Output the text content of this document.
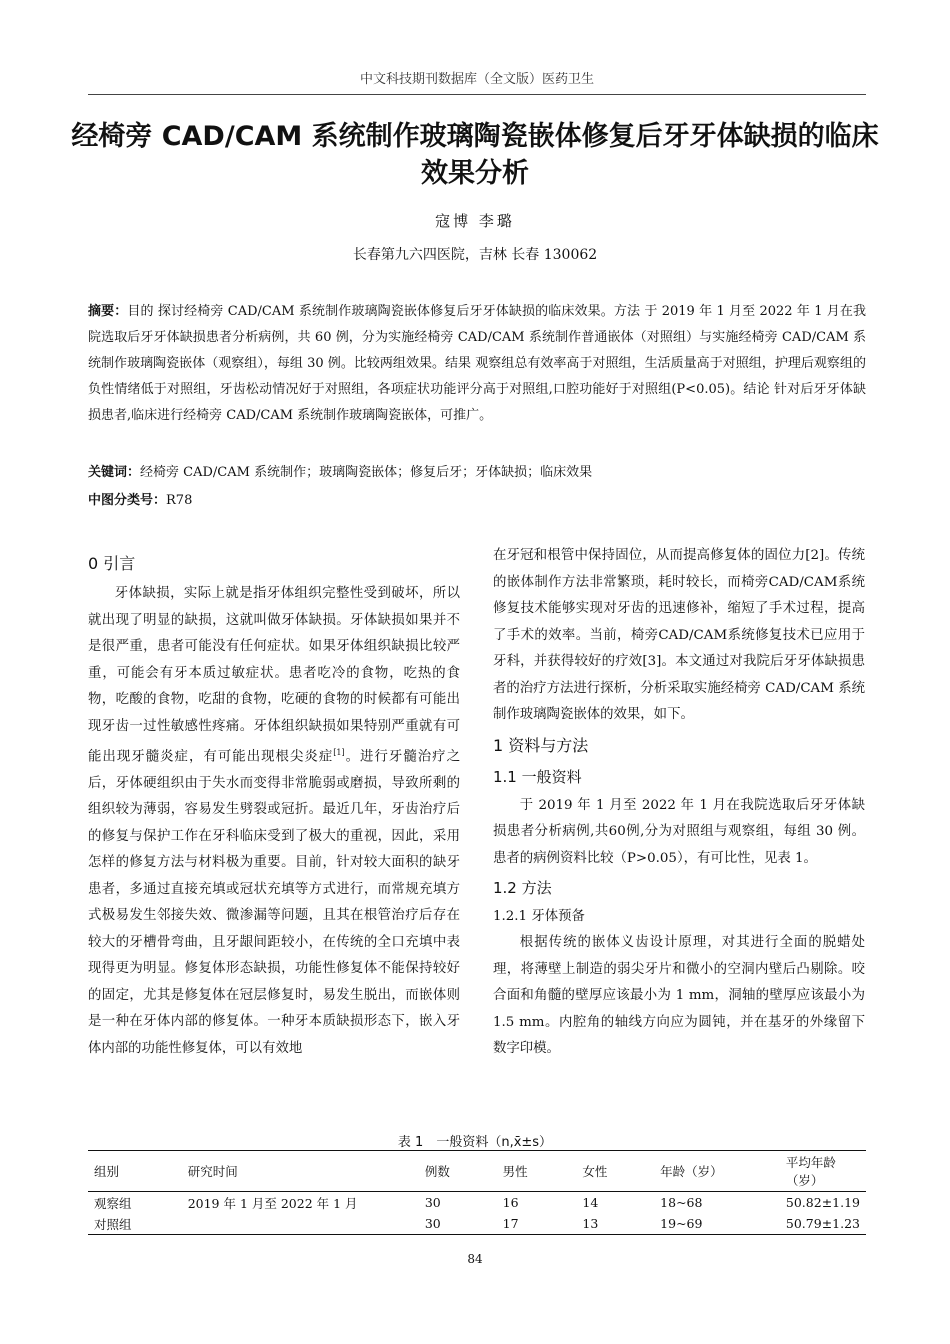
中文科技期刊数据库（全文版）医药卫生
经椅旁 CAD/CAM 系统制作玻璃陶瓷嵌体修复后牙牙体缺损的临床效果分析
寇博 李璐
长春第九六四医院，吉林 长春 130062
摘要：目的 探讨经椅旁 CAD/CAM 系统制作玻璃陶瓷嵌体修复后牙牙体缺损的临床效果。方法 于 2019 年 1 月至 2022 年 1 月在我院选取后牙牙体缺损患者分析病例，共 60 例，分为实施经椅旁 CAD/CAM 系统制作普通嵌体（对照组）与实施经椅旁 CAD/CAM 系统制作玻璃陶瓷嵌体（观察组），每组 30 例。比较两组效果。结果 观察组总有效率高于对照组，生活质量高于对照组，护理后观察组的负性情绪低于对照组，牙齿松动情况好于对照组，各项症状功能评分高于对照组,口腔功能好于对照组(P<0.05)。结论 针对后牙牙体缺损患者,临床进行经椅旁 CAD/CAM 系统制作玻璃陶瓷嵌体，可推广。
关键词：经椅旁 CAD/CAM 系统制作；玻璃陶瓷嵌体；修复后牙；牙体缺损；临床效果
中图分类号：R78
0 引言

牙体缺损，实际上就是指牙体组织完整性受到破坏，所以就出现了明显的缺损，这就叫做牙体缺损。牙体缺损如果并不是很严重，患者可能没有任何症状。如果牙体组织缺损比较严重，可能会有牙本质过敏症状。患者吃冷的食物，吃热的食物，吃酸的食物，吃甜的食物，吃硬的食物的时候都有可能出现牙齿一过性敏感性疼痛。牙体组织缺损如果特别严重就有可能出现牙髓炎症，有可能出现根尖炎症[1]。进行牙髓治疗之后，牙体硬组织由于失水而变得非常脆弱或磨损，导致所剩的组织较为薄弱，容易发生劈裂或冠折。最近几年，牙齿治疗后的修复与保护工作在牙科临床受到了极大的重视，因此，采用怎样的修复方法与材料极为重要。目前，针对较大面积的缺牙患者，多通过直接充填或冠状充填等方式进行，而常规充填方式极易发生邻接失效、微渗漏等问题，且其在根管治疗后存在较大的牙槽骨弯曲，且牙龈间距较小，在传统的全口充填中表现得更为明显。修复体形态缺损，功能性修复体不能保持较好的固定，尤其是修复体在冠层修复时，易发生脱出，而嵌体则是一种在牙体内部的修复体。一种牙本质缺损形态下，嵌入牙体内部的功能性修复体，可以有效地

在牙冠和根管中保持固位，从而提高修复体的固位力[2]。传统的嵌体制作方法非常繁琐，耗时较长，而椅旁CAD/CAM系统修复技术能够实现对牙齿的迅速修补，缩短了手术过程，提高了手术的效率。当前，椅旁CAD/CAM系统修复技术已应用于牙科，并获得较好的疗效[3]。本文通过对我院后牙牙体缺损患者的治疗方法进行探析，分析采取实施经椅旁 CAD/CAM 系统制作玻璃陶瓷嵌体的效果，如下。
1 资料与方法
1.1 一般资料

于 2019 年 1 月至 2022 年 1 月在我院选取后牙牙体缺损患者分析病例,共60例,分为对照组与观察组，每组 30 例。患者的病例资料比较（P>0.05），有可比性，见表 1。

1.2 方法
1.2.1 牙体预备

根据传统的嵌体义齿设计原理，对其进行全面的脱蜡处理，将薄壁上制造的弱尖牙片和微小的空洞内壁后凸剔除。咬合面和角髓的壁厚应该最小为 1 mm，洞轴的壁厚应该最小为 1.5 mm。内腔角的轴线方向应为圆钝，并在基牙的外缘留下数字印模。

表 1　一般资料（n,x̄±s）
组别	研究时间	例数	男性	女性	年龄（岁）	平均年龄（岁）
观察组	2019 年 1 月至 2022 年 1 月	30	16	14	18~68	50.82±1.19
对照组		30	17	13	19~69	50.79±1.23
84
